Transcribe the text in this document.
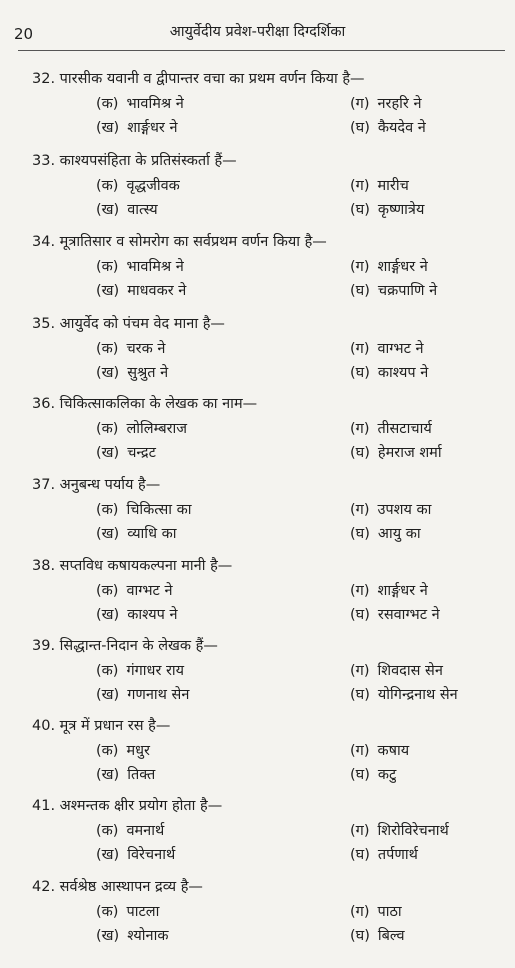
20	आयुर्वेदीय प्रवेश-परीक्षा दिग्दर्शिका
32. पारसीक यवानी व द्वीपान्तर वचा का प्रथम वर्णन किया है—
(क) भावमिश्र ने	(ग) नरहरि ने
(ख) शार्ङ्गधर ने	(घ) कैयदेव ने
33. काश्यपसंहिता के प्रतिसंस्कर्ता हैं—
(क) वृद्धजीवक	(ग) मारीच
(ख) वात्स्य	(घ) कृष्णात्रेय
34. मूत्रातिसार व सोमरोग का सर्वप्रथम वर्णन किया है—
(क) भावमिश्र ने	(ग) शार्ङ्गधर ने
(ख) माधवकर ने	(घ) चक्रपाणि ने
35. आयुर्वेद को पंचम वेद माना है—
(क) चरक ने	(ग) वाग्भट ने
(ख) सुश्रुत ने	(घ) काश्यप ने
36. चिकित्साकलिका के लेखक का नाम—
(क) लोलिम्बराज	(ग) तीसटाचार्य
(ख) चन्द्रट	(घ) हेमराज शर्मा
37. अनुबन्ध पर्याय है—
(क) चिकित्सा का	(ग) उपशय का
(ख) व्याधि का	(घ) आयु का
38. सप्तविध कषायकल्पना मानी है—
(क) वाग्भट ने	(ग) शार्ङ्गधर ने
(ख) काश्यप ने	(घ) रसवाग्भट ने
39. सिद्धान्त-निदान के लेखक हैं—
(क) गंगाधर राय	(ग) शिवदास सेन
(ख) गणनाथ सेन	(घ) योगिन्द्रनाथ सेन
40. मूत्र में प्रधान रस है—
(क) मधुर	(ग) कषाय
(ख) तिक्त	(घ) कटु
41. अश्मन्तक क्षीर प्रयोग होता है—
(क) वमनार्थ	(ग) शिरोविरेचनार्थ
(ख) विरेचनार्थ	(घ) तर्पणार्थ
42. सर्वश्रेष्ठ आस्थापन द्रव्य है—
(क) पाटला	(ग) पाठा
(ख) श्योनाक	(घ) बिल्व
